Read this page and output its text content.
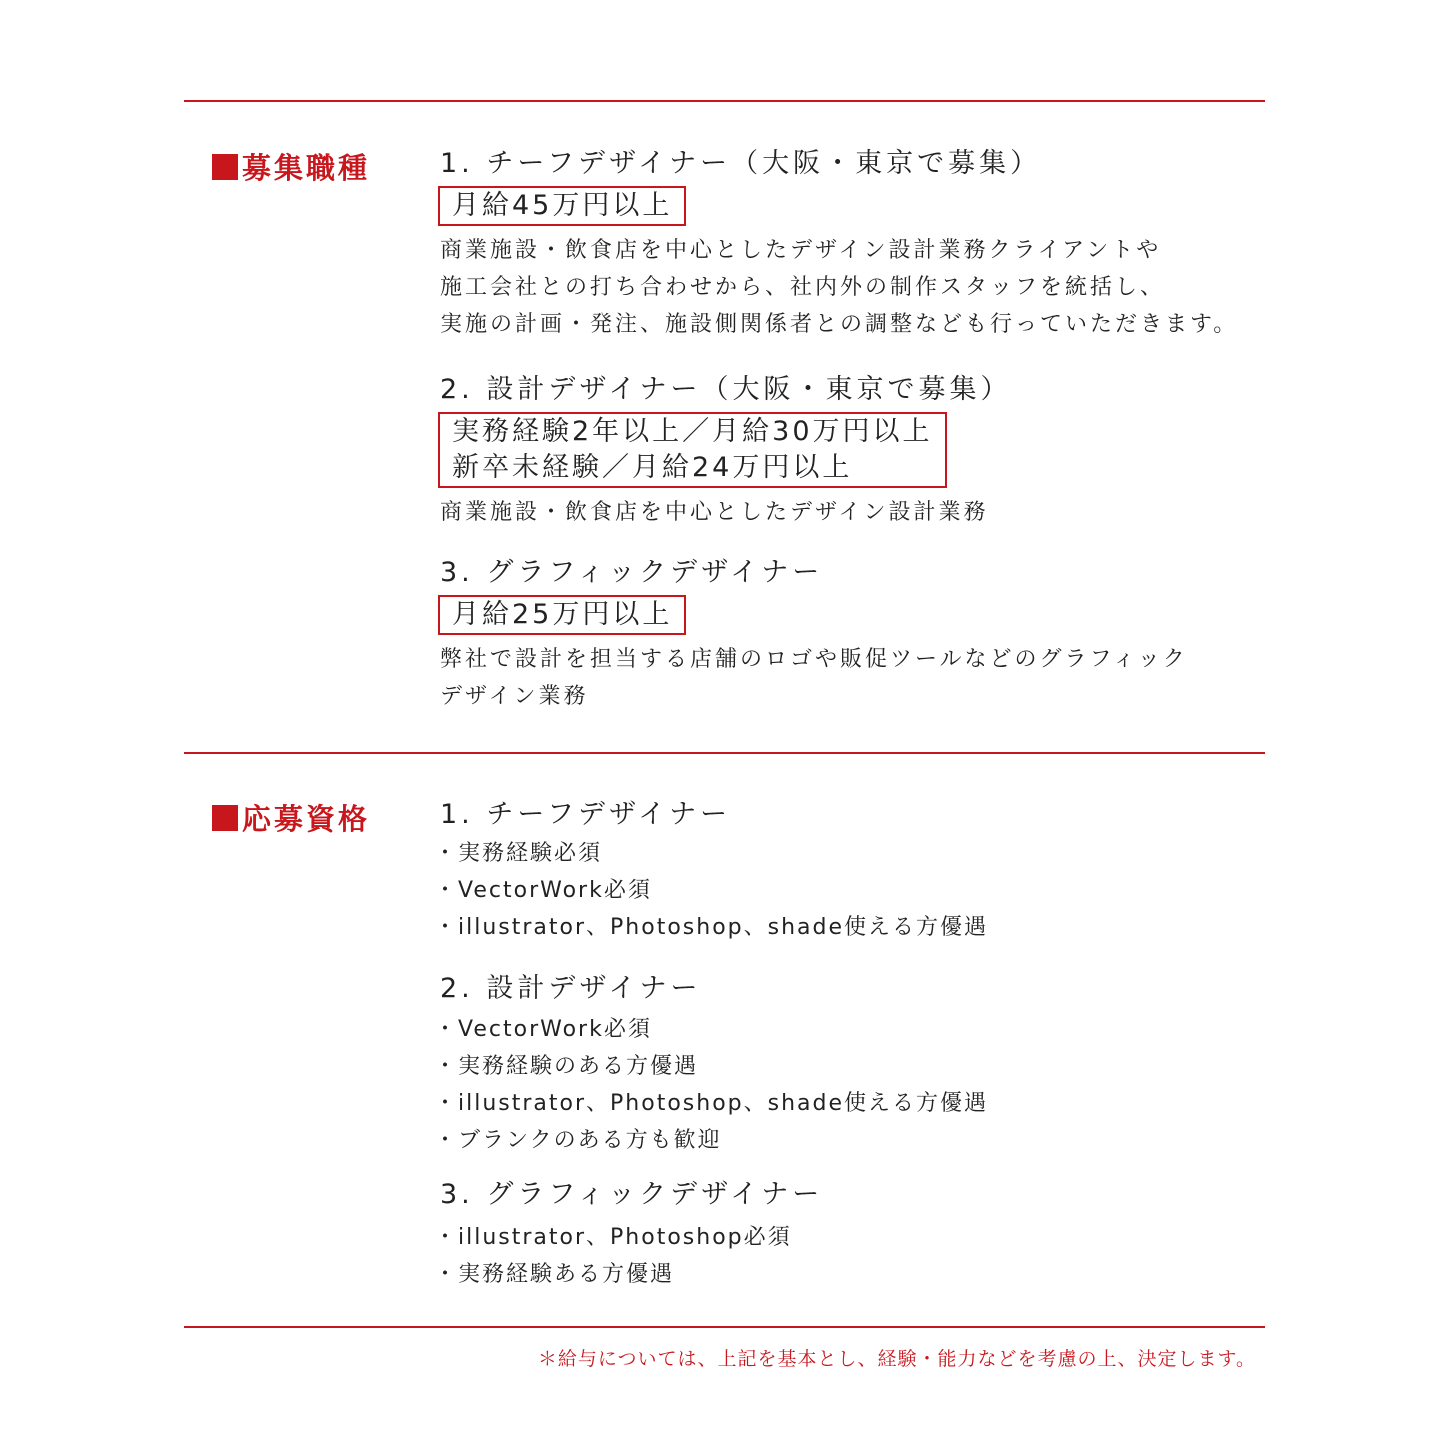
募集職種	1. チーフデザイナー（大阪・東京で募集）
月給45万円以上

商業施設・飲食店を中心としたデザイン設計業務クライアントや

施工会社との打ち合わせから、社内外の制作スタッフを統括し、

実施の計画・発注、施設側関係者との調整なども行っていただきます。

2. 設計デザイナー（大阪・東京で募集）
実務経験2年以上／月給30万円以上
新卒未経験／月給24万円以上

商業施設・飲食店を中心としたデザイン設計業務

3. グラフィックデザイナー
月給25万円以上

弊社で設計を担当する店舗のロゴや販促ツールなどのグラフィック

デザイン業務

応募資格	1. チーフデザイナー

・ 実務経験必須

・ VectorWork必須

・ illustrator、Photoshop、shade使える方優遇

2. 設計デザイナー

・ VectorWork必須

・ 実務経験のある方優遇

・ illustrator、Photoshop、shade使える方優遇

・ ブランクのある方も歓迎

3. グラフィックデザイナー

・ illustrator、Photoshop必須

・ 実務経験ある方優遇

＊給与については、上記を基本とし、経験・能力などを考慮の上、決定します。
